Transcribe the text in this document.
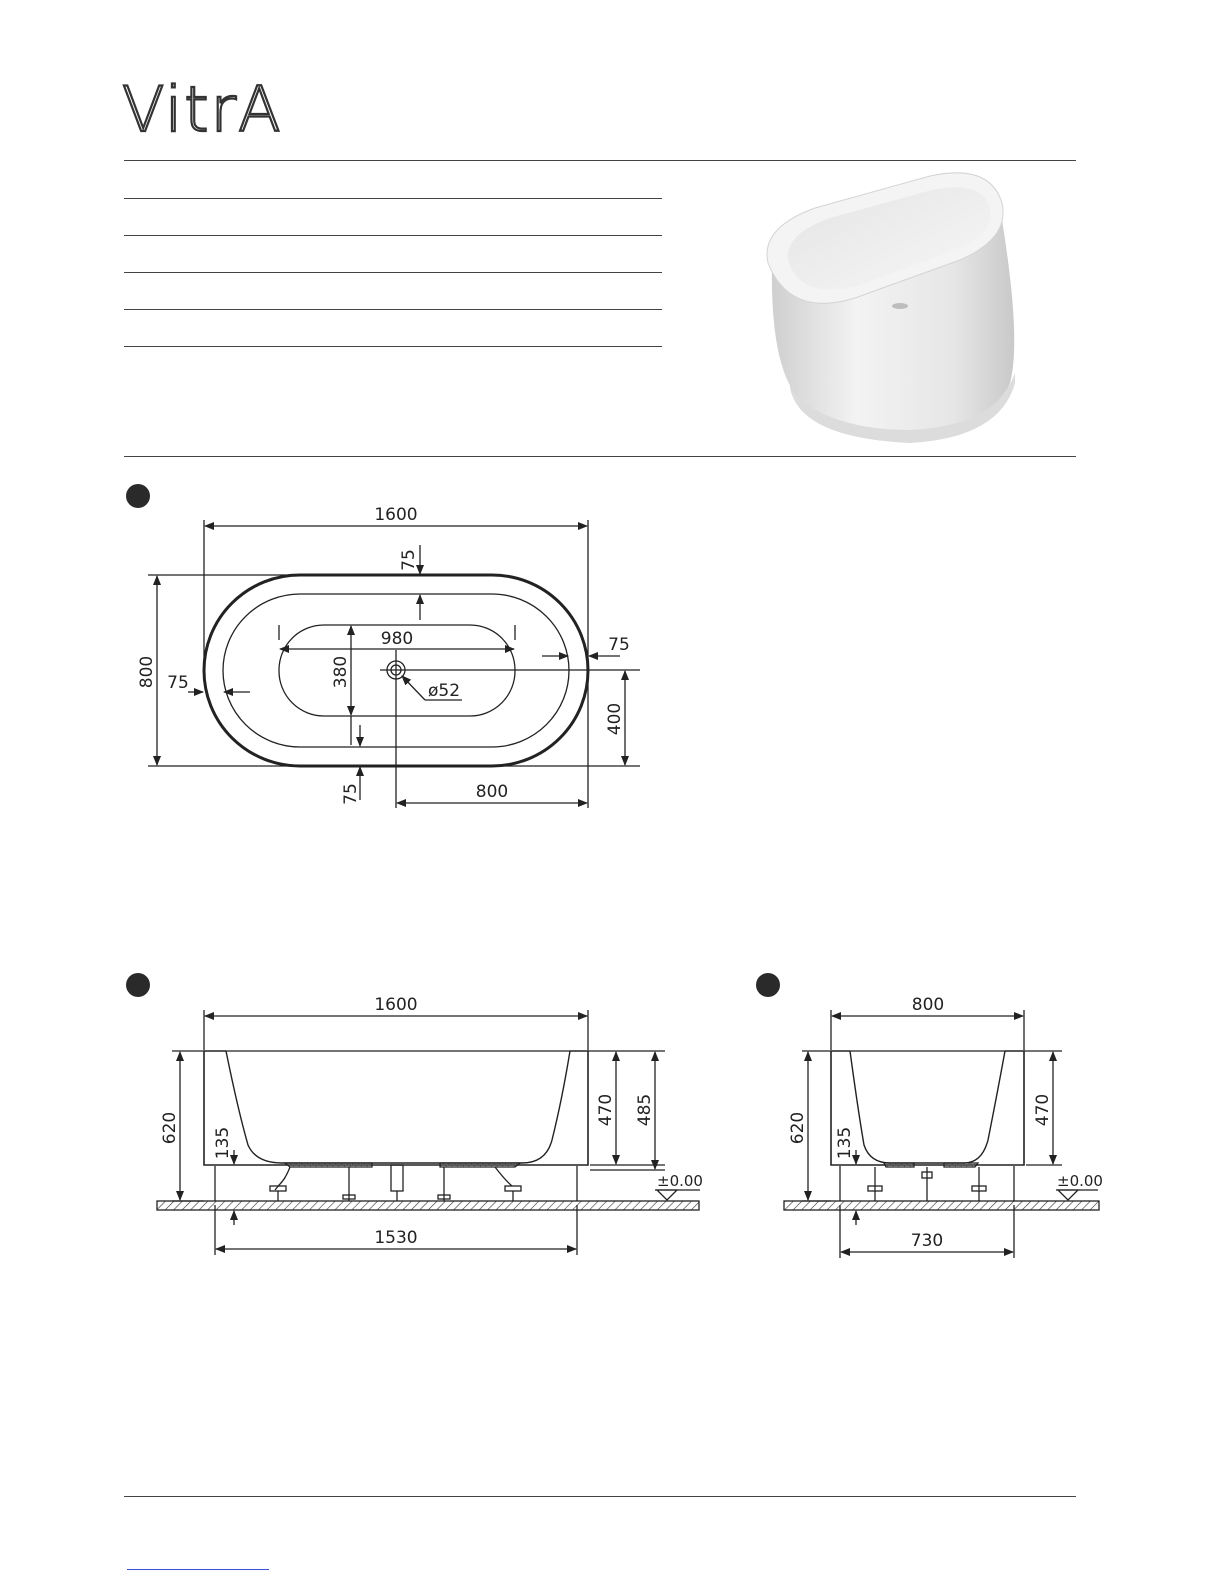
VitrA
1600
75
800 75
980
380
ø52
75
400
75	800
1600
620 135
470 485
1530
±0.00
800
620 135
470
730
±0.00
